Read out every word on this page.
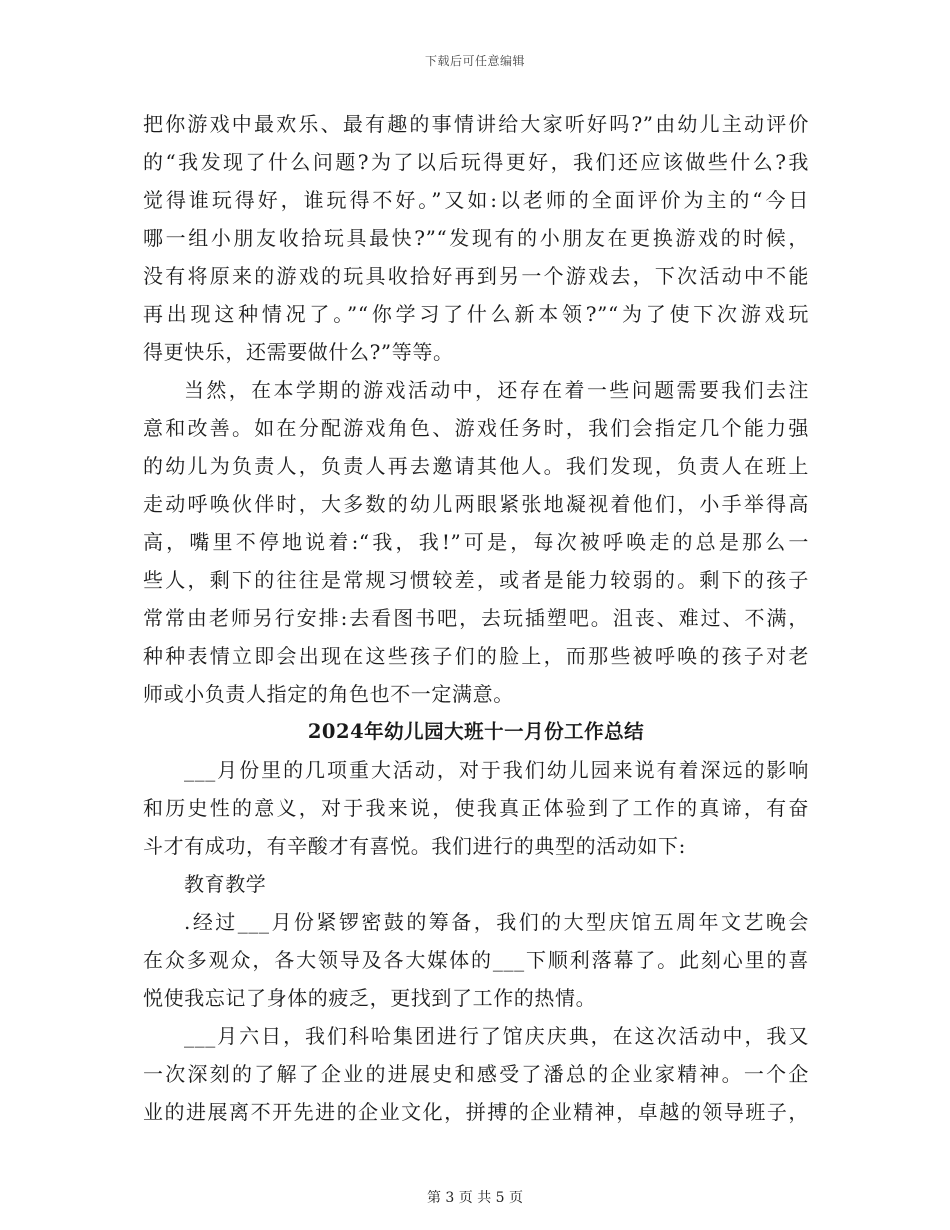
下载后可任意编辑
把你游戏中最欢乐、最有趣的事情讲给大家听好吗?”由幼儿主动评价
的“我发现了什么问题?为了以后玩得更好，我们还应该做些什么?我
觉得谁玩得好，谁玩得不好。”又如:以老师的全面评价为主的“今日
哪一组小朋友收拾玩具最快?”“发现有的小朋友在更换游戏的时候，
没有将原来的游戏的玩具收拾好再到另一个游戏去，下次活动中不能
再出现这种情况了。”“你学习了什么新本领?”“为了使下次游戏玩
得更快乐，还需要做什么?”等等。
当然，在本学期的游戏活动中，还存在着一些问题需要我们去注
意和改善。如在分配游戏角色、游戏任务时，我们会指定几个能力强
的幼儿为负责人，负责人再去邀请其他人。我们发现，负责人在班上
走动呼唤伙伴时，大多数的幼儿两眼紧张地凝视着他们，小手举得高
高，嘴里不停地说着:“我，我!”可是，每次被呼唤走的总是那么一
些人，剩下的往往是常规习惯较差，或者是能力较弱的。剩下的孩子
常常由老师另行安排:去看图书吧，去玩插塑吧。沮丧、难过、不满，
种种表情立即会出现在这些孩子们的脸上，而那些被呼唤的孩子对老
师或小负责人指定的角色也不一定满意。
2024年幼儿园大班十一月份工作总结
___月份里的几项重大活动，对于我们幼儿园来说有着深远的影响
和历史性的意义，对于我来说，使我真正体验到了工作的真谛，有奋
斗才有成功，有辛酸才有喜悦。我们进行的典型的活动如下:
教育教学
.经过___月份紧锣密鼓的筹备，我们的大型庆馆五周年文艺晚会
在众多观众，各大领导及各大媒体的___下顺利落幕了。此刻心里的喜
悦使我忘记了身体的疲乏，更找到了工作的热情。
___月六日，我们科哈集团进行了馆庆庆典，在这次活动中，我又
一次深刻的了解了企业的进展史和感受了潘总的企业家精神。一个企
业的进展离不开先进的企业文化，拼搏的企业精神，卓越的领导班子，
第 3 页 共 5 页
